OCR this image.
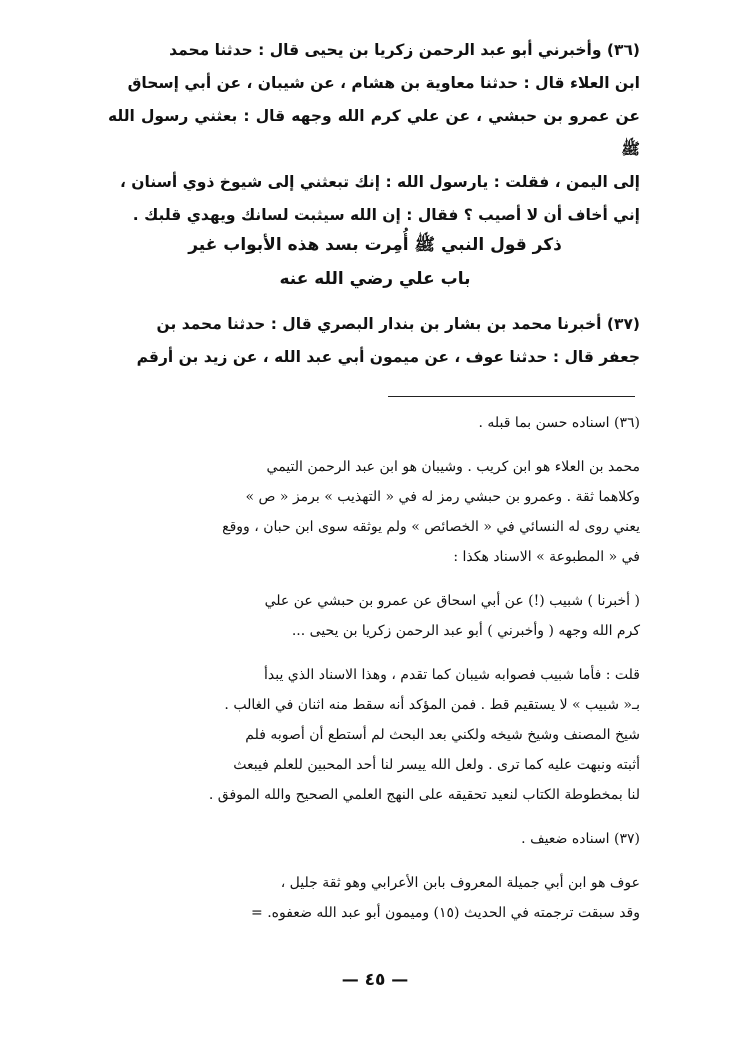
(٣٦) وأخبرني أبو عبد الرحمن زكريا بن يحيى قال : حدثنا محمد

ابن العلاء قال : حدثنا معاوية بن هشام ، عن شيبان ، عن أبي إسحاق

عن عمرو بن حبشي ، عن علي كرم الله وجهه قال : بعثني رسول الله ﷺ

إلى اليمن ، فقلت : يارسول الله : إنك تبعثني إلى شيوخ ذوي أسنان ،

إني أخاف أن لا أصيب ؟ فقال : إن الله سيثبت لسانك ويهدي قلبك .

ذكر قول النبي ﷺ أُمِرت بسد هذه الأبواب غير
باب علي رضي الله عنه

(٣٧) أخبرنا محمد بن بشار بن بندار البصري قال : حدثنا محمد بن

جعفر قال : حدثنا عوف ، عن ميمون أبي عبد الله ، عن زيد بن أرقم

(٣٦) اسناده حسن بما قبله .

محمد بن العلاء هو ابن كريب . وشيبان هو ابن عبد الرحمن التيمي

وكلاهما ثقة . وعمرو بن حبشي رمز له في « التهذيب » برمز « ص »

يعني روى له النسائي في « الخصائص » ولم يوثقه سوى ابن حبان ، ووقع

في « المطبوعة » الاسناد هكذا :

( أخبرنا ) شبيب (!) عن أبي اسحاق عن عمرو بن حبشي عن علي

كرم الله وجهه ( وأخبرني ) أبو عبد الرحمن زكريا بن يحيى ...

قلت : فأما شبيب فصوابه شيبان كما تقدم ، وهذا الاسناد الذي يبدأ

بـ« شبيب » لا يستقيم قط . فمن المؤكد أنه سقط منه اثنان في الغالب .

شيخ المصنف وشيخ شيخه ولكني بعد البحث لم أستطع أن أصوبه فلم

أثبته ونبهت عليه كما ترى . ولعل الله ييسر لنا أحد المحبين للعلم فيبعث

لنا بمخطوطة الكتاب لنعيد تحقيقه على النهج العلمي الصحيح والله الموفق .

(٣٧) اسناده ضعيف .

عوف هو ابن أبي جميلة المعروف بابن الأعرابي وهو ثقة جليل ،

وقد سبقت ترجمته في الحديث (١٥) وميمون أبو عبد الله ضعفوه. =

— ٤٥ —
